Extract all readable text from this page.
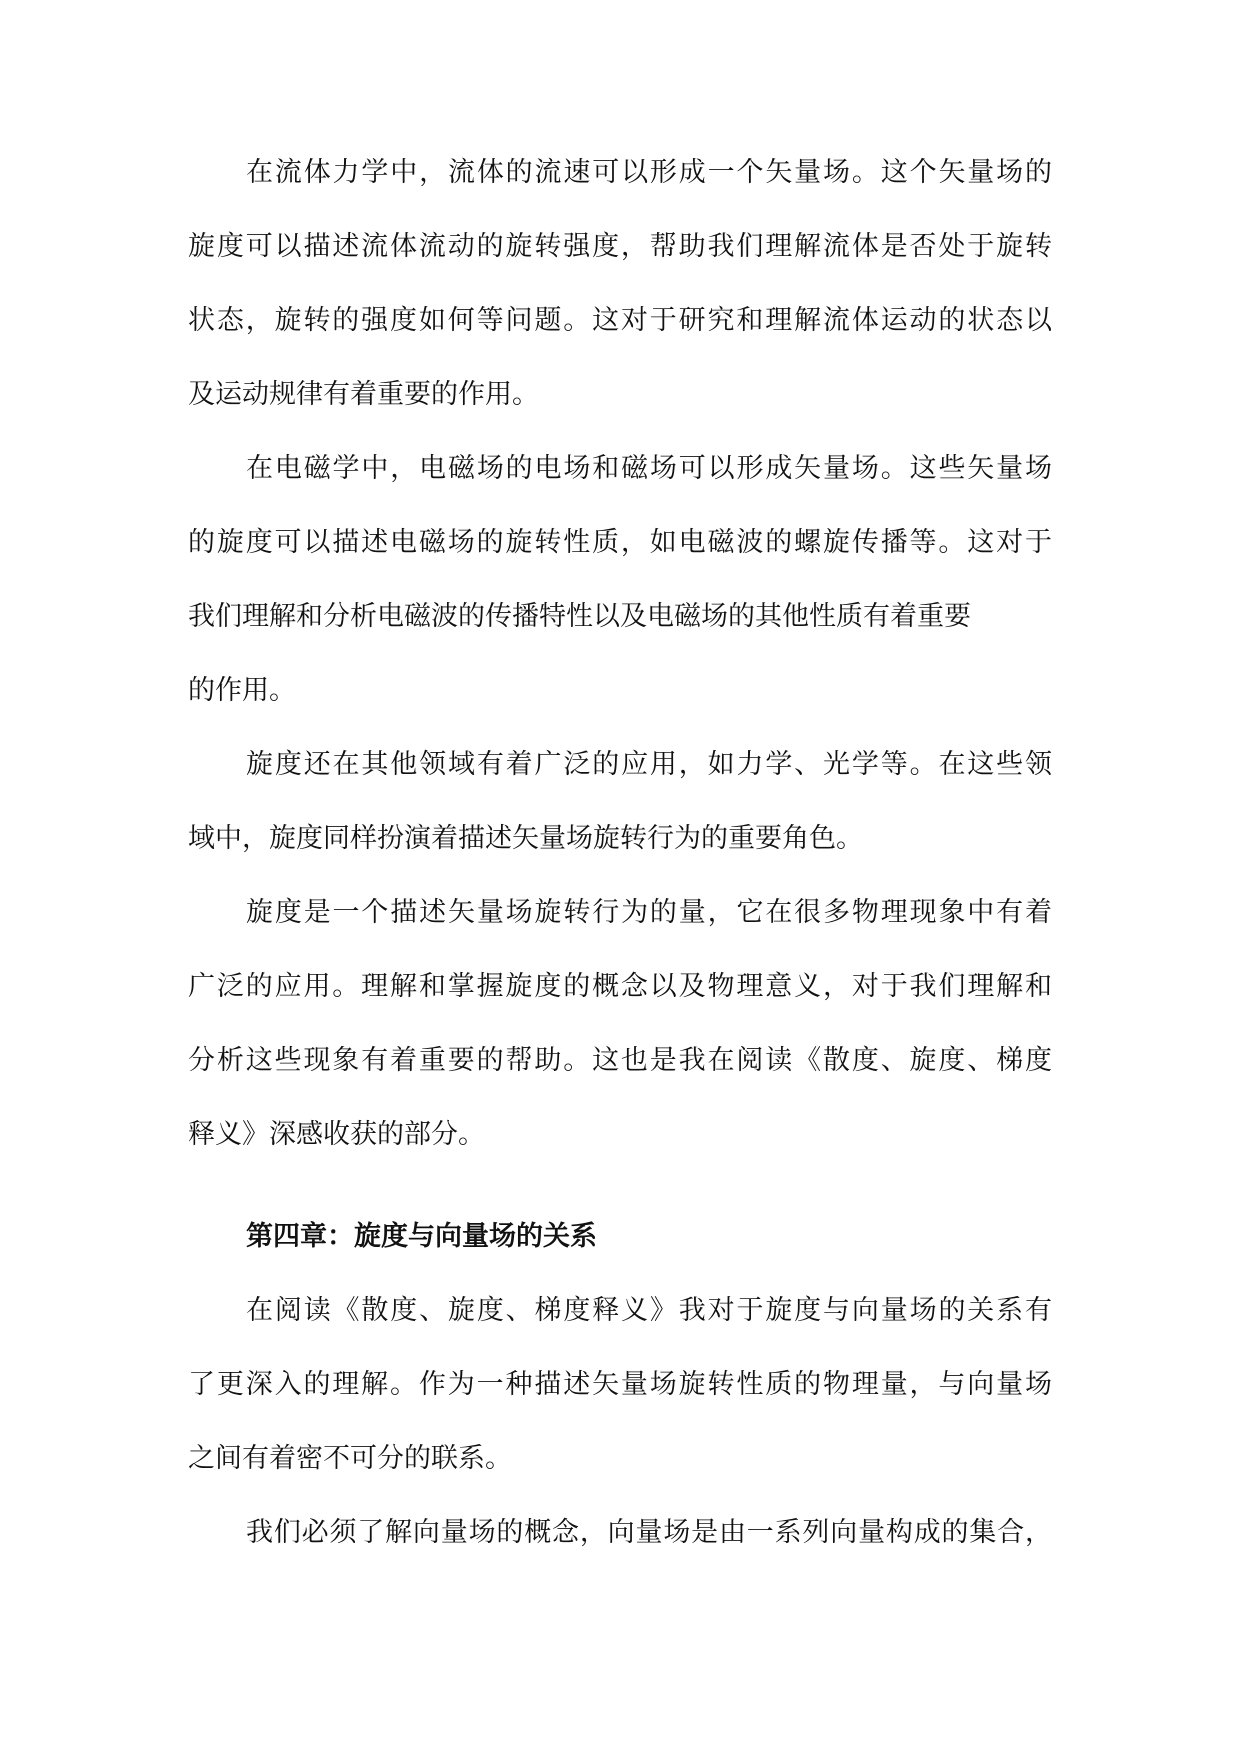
在流体力学中，流体的流速可以形成一个矢量场。这个矢量场的
旋度可以描述流体流动的旋转强度，帮助我们理解流体是否处于旋转
状态，旋转的强度如何等问题。这对于研究和理解流体运动的状态以
及运动规律有着重要的作用。
在电磁学中，电磁场的电场和磁场可以形成矢量场。这些矢量场
的旋度可以描述电磁场的旋转性质，如电磁波的螺旋传播等。这对于
我们理解和分析电磁波的传播特性以及电磁场的其他性质有着重要
的作用。
旋度还在其他领域有着广泛的应用，如力学、光学等。在这些领
域中，旋度同样扮演着描述矢量场旋转行为的重要角色。
旋度是一个描述矢量场旋转行为的量，它在很多物理现象中有着
广泛的应用。理解和掌握旋度的概念以及物理意义，对于我们理解和
分析这些现象有着重要的帮助。这也是我在阅读《散度、旋度、梯度
释义》深感收获的部分。
第四章：旋度与向量场的关系
在阅读《散度、旋度、梯度释义》我对于旋度与向量场的关系有
了更深入的理解。作为一种描述矢量场旋转性质的物理量，与向量场
之间有着密不可分的联系。
我们必须了解向量场的概念，向量场是由一系列向量构成的集合，
